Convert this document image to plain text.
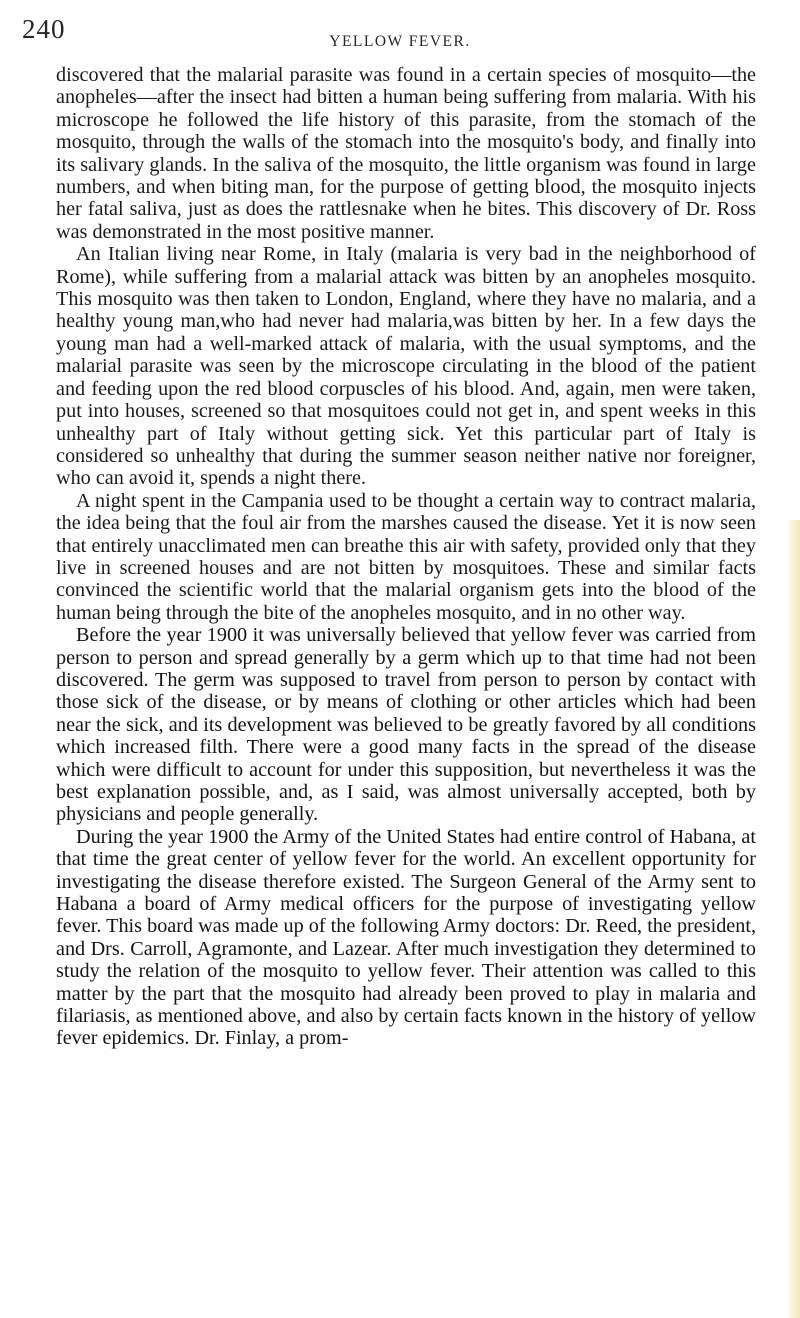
240	YELLOW FEVER.

discovered that the malarial parasite was found in a certain species of mosquito—the anopheles—after the insect had bitten a human being suffering from malaria. With his microscope he followed the life history of this parasite, from the stomach of the mosquito, through the walls of the stomach into the mosquito's body, and finally into its salivary glands. In the saliva of the mosquito, the little organism was found in large numbers, and when biting man, for the purpose of getting blood, the mosquito injects her fatal saliva, just as does the rattlesnake when he bites. This discovery of Dr. Ross was demonstrated in the most positive manner.

An Italian living near Rome, in Italy (malaria is very bad in the neighborhood of Rome), while suffering from a malarial attack was bitten by an anopheles mosquito. This mosquito was then taken to London, England, where they have no malaria, and a healthy young man,who had never had malaria,was bitten by her. In a few days the young man had a well-marked attack of malaria, with the usual symptoms, and the malarial parasite was seen by the microscope circulating in the blood of the patient and feeding upon the red blood corpuscles of his blood. And, again, men were taken, put into houses, screened so that mosquitoes could not get in, and spent weeks in this unhealthy part of Italy without getting sick. Yet this particular part of Italy is considered so unhealthy that during the summer season neither native nor foreigner, who can avoid it, spends a night there.

A night spent in the Campania used to be thought a certain way to contract malaria, the idea being that the foul air from the marshes caused the disease. Yet it is now seen that entirely unacclimated men can breathe this air with safety, provided only that they live in screened houses and are not bitten by mosquitoes. These and similar facts convinced the scientific world that the malarial organism gets into the blood of the human being through the bite of the anopheles mosquito, and in no other way.

Before the year 1900 it was universally believed that yellow fever was carried from person to person and spread generally by a germ which up to that time had not been discovered. The germ was supposed to travel from person to person by contact with those sick of the disease, or by means of clothing or other articles which had been near the sick, and its development was believed to be greatly favored by all conditions which increased filth. There were a good many facts in the spread of the disease which were difficult to account for under this supposition, but nevertheless it was the best explanation possible, and, as I said, was almost universally accepted, both by physicians and people generally.

During the year 1900 the Army of the United States had entire control of Habana, at that time the great center of yellow fever for the world. An excellent opportunity for investigating the disease therefore existed. The Surgeon General of the Army sent to Habana a board of Army medical officers for the purpose of investigating yellow fever. This board was made up of the following Army doctors: Dr. Reed, the president, and Drs. Carroll, Agramonte, and Lazear. After much investigation they determined to study the relation of the mosquito to yellow fever. Their attention was called to this matter by the part that the mosquito had already been proved to play in malaria and filariasis, as mentioned above, and also by certain facts known in the history of yellow fever epidemics. Dr. Finlay, a prom-
